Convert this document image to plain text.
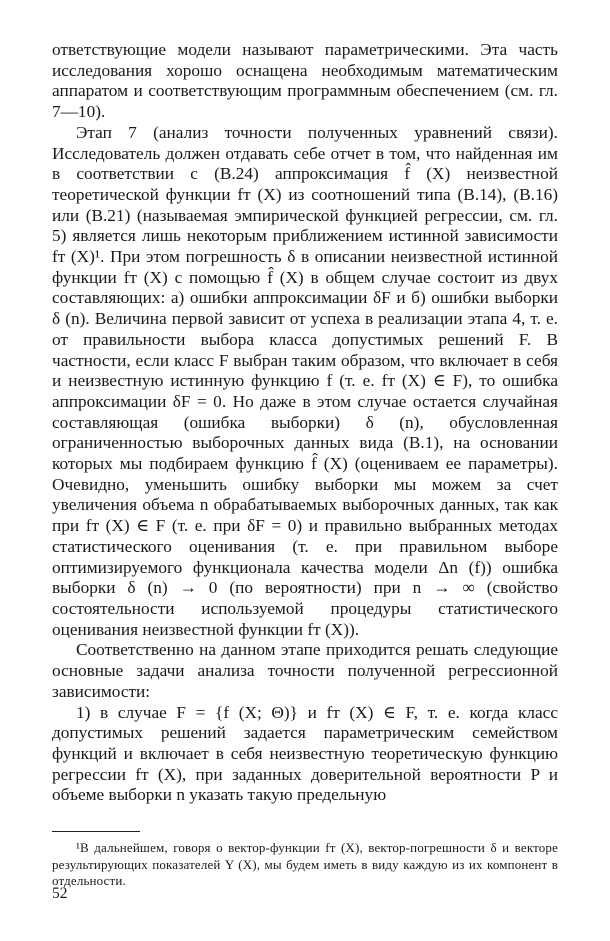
ответствующие модели называют параметрическими. Эта часть исследования хорошо оснащена необходимым математическим аппаратом и соответствующим программным обеспечением (см. гл. 7—10).

Этап 7 (анализ точности полученных уравнений связи). Исследователь должен отдавать себе отчет в том, что найденная им в соответствии с (В.24) аппроксимация f̂ (X) неизвестной теоретической функции fт (X) из соотношений типа (В.14), (В.16) или (В.21) (называемая эмпирической функцией регрессии, см. гл. 5) является лишь некоторым приближением истинной зависимости fт (X)¹. При этом погрешность δ в описании неизвестной истинной функции fт (X) с помощью f̂ (X) в общем случае состоит из двух составляющих: а) ошибки аппроксимации δF и б) ошибки выборки δ (n). Величина первой зависит от успеха в реализации этапа 4, т. е. от правильности выбора класса допустимых решений F. В частности, если класс F выбран таким образом, что включает в себя и неизвестную истинную функцию f (т. е. fт (X) ∈ F), то ошибка аппроксимации δF = 0. Но даже в этом случае остается случайная составляющая (ошибка выборки) δ (n), обусловленная ограниченностью выборочных данных вида (В.1), на основании которых мы подбираем функцию f̂ (X) (оцениваем ее параметры). Очевидно, уменьшить ошибку выборки мы можем за счет увеличения объема n обрабатываемых выборочных данных, так как при fт (X) ∈ F (т. е. при δF = 0) и правильно выбранных методах статистического оценивания (т. е. при правильном выборе оптимизируемого функционала качества модели Δn (f)) ошибка выборки δ (n) → 0 (по вероятности) при n → ∞ (свойство состоятельности используемой процедуры статистического оценивания неизвестной функции fт (X)).

Соответственно на данном этапе приходится решать следующие основные задачи анализа точности полученной регрессионной зависимости:

1) в случае F = {f (X; Θ)} и fт (X) ∈ F, т. е. когда класс допустимых решений задается параметрическим семейством функций и включает в себя неизвестную теоретическую функцию регрессии fт (X), при заданных доверительной вероятности P и объеме выборки n указать такую предельную

¹В дальнейшем, говоря о вектор-функции fт (X), вектор-погрешности δ и векторе результирующих показателей Y (X), мы будем иметь в виду каждую из их компонент в отдельности.

52
